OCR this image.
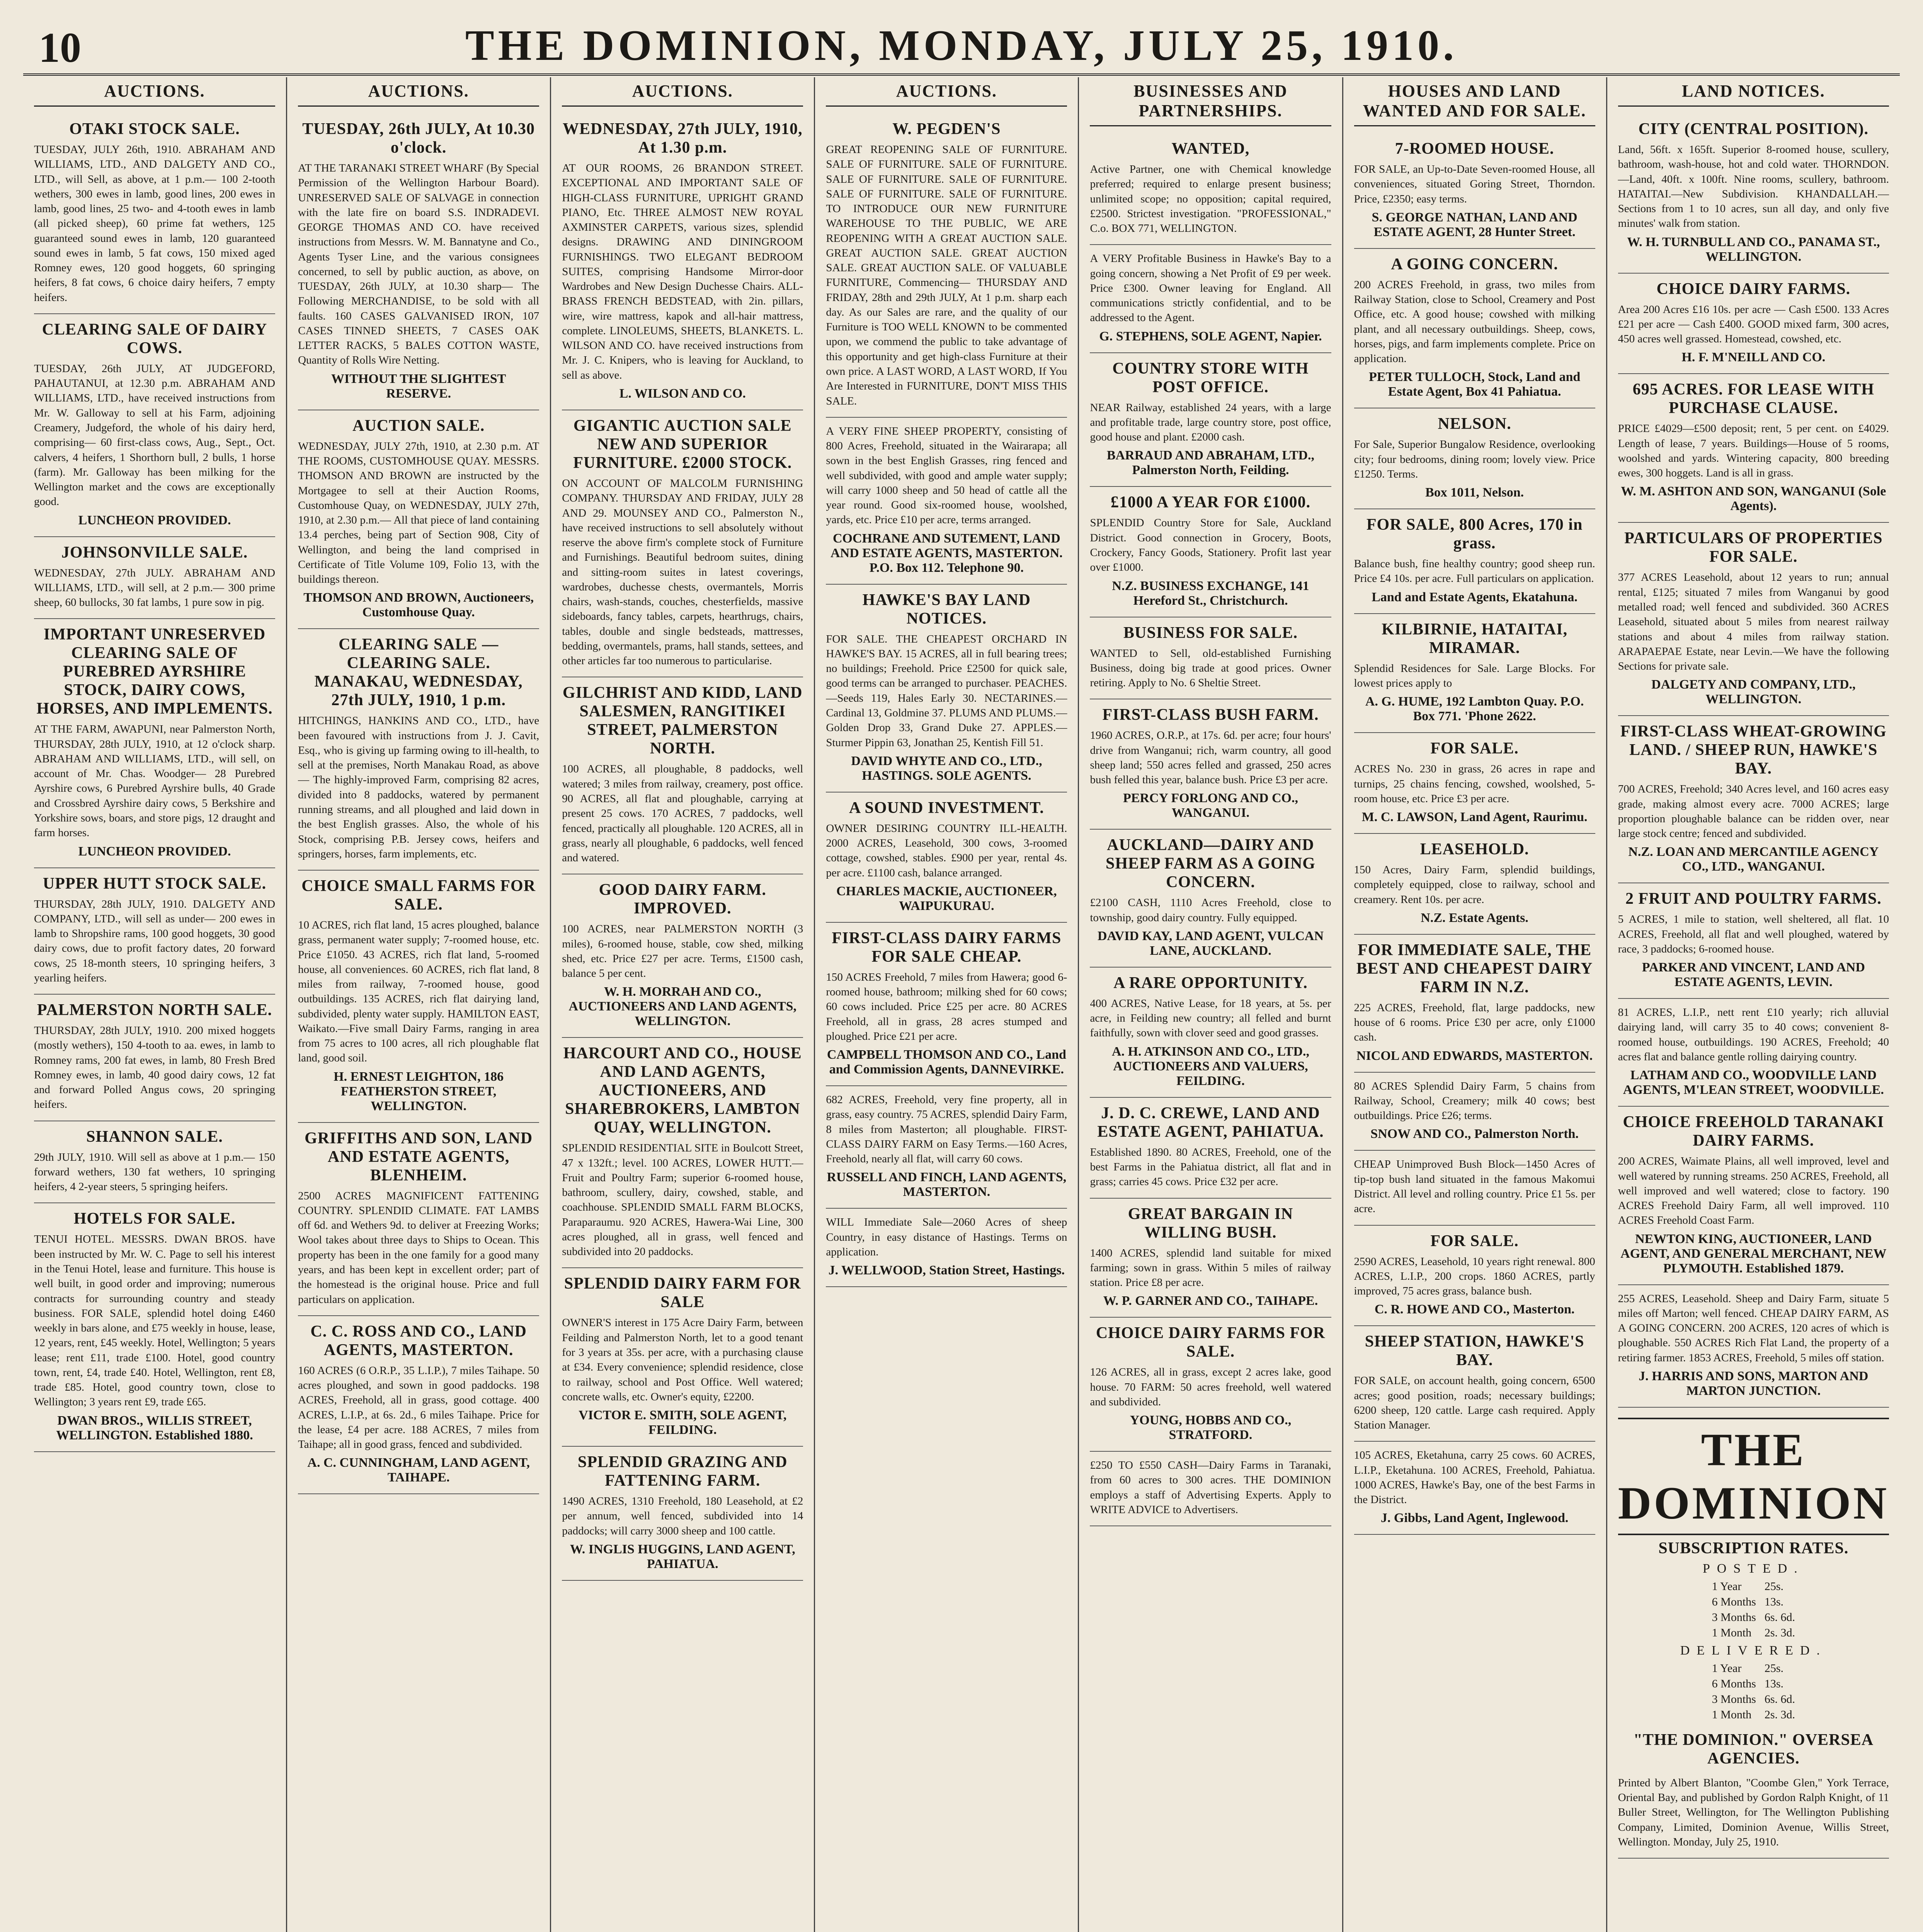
10	THE DOMINION, MONDAY, JULY 25, 1910.
AUCTIONS.
OTAKI STOCK SALE.

TUESDAY, JULY 26th, 1910. ABRAHAM AND WILLIAMS, LTD., AND DALGETY AND CO., LTD., will Sell, as above, at 1 p.m.— 100 2-tooth wethers, 300 ewes in lamb, good lines, 200 ewes in lamb, good lines, 25 two- and 4-tooth ewes in lamb (all picked sheep), 60 prime fat wethers, 125 guaranteed sound ewes in lamb, 120 guaranteed sound ewes in lamb, 5 fat cows, 150 mixed aged Romney ewes, 120 good hoggets, 60 springing heifers, 8 fat cows, 6 choice dairy heifers, 7 empty heifers.

CLEARING SALE OF DAIRY COWS.

TUESDAY, 26th JULY, AT JUDGEFORD, PAHAUTANUI, at 12.30 p.m. ABRAHAM AND WILLIAMS, LTD., have received instructions from Mr. W. Galloway to sell at his Farm, adjoining Creamery, Judgeford, the whole of his dairy herd, comprising— 60 first-class cows, Aug., Sept., Oct. calvers, 4 heifers, 1 Shorthorn bull, 2 bulls, 1 horse (farm). Mr. Galloway has been milking for the Wellington market and the cows are exceptionally good.

LUNCHEON PROVIDED.
JOHNSONVILLE SALE.

WEDNESDAY, 27th JULY. ABRAHAM AND WILLIAMS, LTD., will sell, at 2 p.m.— 300 prime sheep, 60 bullocks, 30 fat lambs, 1 pure sow in pig.

IMPORTANT UNRESERVED CLEARING SALE OF PUREBRED AYRSHIRE STOCK, DAIRY COWS, HORSES, AND IMPLEMENTS.

AT THE FARM, AWAPUNI, near Palmerston North, THURSDAY, 28th JULY, 1910, at 12 o'clock sharp. ABRAHAM AND WILLIAMS, LTD., will sell, on account of Mr. Chas. Woodger— 28 Purebred Ayrshire cows, 6 Purebred Ayrshire bulls, 40 Grade and Crossbred Ayrshire dairy cows, 5 Berkshire and Yorkshire sows, boars, and store pigs, 12 draught and farm horses.

LUNCHEON PROVIDED.
UPPER HUTT STOCK SALE.

THURSDAY, 28th JULY, 1910. DALGETY AND COMPANY, LTD., will sell as under— 200 ewes in lamb to Shropshire rams, 100 good hoggets, 30 good dairy cows, due to profit factory dates, 20 forward cows, 25 18-month steers, 10 springing heifers, 3 yearling heifers.

PALMERSTON NORTH SALE.

THURSDAY, 28th JULY, 1910. 200 mixed hoggets (mostly wethers), 150 4-tooth to aa. ewes, in lamb to Romney rams, 200 fat ewes, in lamb, 80 Fresh Bred Romney ewes, in lamb, 40 good dairy cows, 12 fat and forward Polled Angus cows, 20 springing heifers.

SHANNON SALE.

29th JULY, 1910. Will sell as above at 1 p.m.— 150 forward wethers, 130 fat wethers, 10 springing heifers, 4 2-year steers, 5 springing heifers.

HOTELS FOR SALE.

TENUI HOTEL. MESSRS. DWAN BROS. have been instructed by Mr. W. C. Page to sell his interest in the Tenui Hotel, lease and furniture. This house is well built, in good order and improving; numerous contracts for surrounding country and steady business. FOR SALE, splendid hotel doing £460 weekly in bars alone, and £75 weekly in house, lease, 12 years, rent, £45 weekly. Hotel, Wellington; 5 years lease; rent £11, trade £100. Hotel, good country town, rent, £4, trade £40. Hotel, Wellington, rent £8, trade £85. Hotel, good country town, close to Wellington; 3 years rent £9, trade £65.

DWAN BROS., WILLIS STREET, WELLINGTON. Established 1880.
AUCTIONS.
TUESDAY, 26th JULY, At 10.30 o'clock.

AT THE TARANAKI STREET WHARF (By Special Permission of the Wellington Harbour Board). UNRESERVED SALE OF SALVAGE in connection with the late fire on board S.S. INDRADEVI. GEORGE THOMAS AND CO. have received instructions from Messrs. W. M. Bannatyne and Co., Agents Tyser Line, and the various consignees concerned, to sell by public auction, as above, on TUESDAY, 26th JULY, at 10.30 sharp— The Following MERCHANDISE, to be sold with all faults. 160 CASES GALVANISED IRON, 107 CASES TINNED SHEETS, 7 CASES OAK LETTER RACKS, 5 BALES COTTON WASTE, Quantity of Rolls Wire Netting.

WITHOUT THE SLIGHTEST RESERVE.
AUCTION SALE.

WEDNESDAY, JULY 27th, 1910, at 2.30 p.m. AT THE ROOMS, CUSTOMHOUSE QUAY. MESSRS. THOMSON AND BROWN are instructed by the Mortgagee to sell at their Auction Rooms, Customhouse Quay, on WEDNESDAY, JULY 27th, 1910, at 2.30 p.m.— All that piece of land containing 13.4 perches, being part of Section 908, City of Wellington, and being the land comprised in Certificate of Title Volume 109, Folio 13, with the buildings thereon.

THOMSON AND BROWN, Auctioneers, Customhouse Quay.
CLEARING SALE — CLEARING SALE. MANAKAU, WEDNESDAY, 27th JULY, 1910, 1 p.m.

HITCHINGS, HANKINS AND CO., LTD., have been favoured with instructions from J. J. Cavit, Esq., who is giving up farming owing to ill-health, to sell at the premises, North Manakau Road, as above— The highly-improved Farm, comprising 82 acres, divided into 8 paddocks, watered by permanent running streams, and all ploughed and laid down in the best English grasses. Also, the whole of his Stock, comprising P.B. Jersey cows, heifers and springers, horses, farm implements, etc.

CHOICE SMALL FARMS FOR SALE.

10 ACRES, rich flat land, 15 acres ploughed, balance grass, permanent water supply; 7-roomed house, etc. Price £1050. 43 ACRES, rich flat land, 5-roomed house, all conveniences. 60 ACRES, rich flat land, 8 miles from railway, 7-roomed house, good outbuildings. 135 ACRES, rich flat dairying land, subdivided, plenty water supply. HAMILTON EAST, Waikato.—Five small Dairy Farms, ranging in area from 75 acres to 100 acres, all rich ploughable flat land, good soil.

H. ERNEST LEIGHTON, 186 FEATHERSTON STREET, WELLINGTON.
GRIFFITHS AND SON, LAND AND ESTATE AGENTS, BLENHEIM.

2500 ACRES MAGNIFICENT FATTENING COUNTRY. SPLENDID CLIMATE. FAT LAMBS off 6d. and Wethers 9d. to deliver at Freezing Works; Wool takes about three days to Ships to Ocean. This property has been in the one family for a good many years, and has been kept in excellent order; part of the homestead is the original house. Price and full particulars on application.

C. C. ROSS AND CO., LAND AGENTS, MASTERTON.

160 ACRES (6 O.R.P., 35 L.I.P.), 7 miles Taihape. 50 acres ploughed, and sown in good paddocks. 198 ACRES, Freehold, all in grass, good cottage. 400 ACRES, L.I.P., at 6s. 2d., 6 miles Taihape. Price for the lease, £4 per acre. 188 ACRES, 7 miles from Taihape; all in good grass, fenced and subdivided.

A. C. CUNNINGHAM, LAND AGENT, TAIHAPE.
AUCTIONS.
WEDNESDAY, 27th JULY, 1910, At 1.30 p.m.

AT OUR ROOMS, 26 BRANDON STREET. EXCEPTIONAL AND IMPORTANT SALE OF HIGH-CLASS FURNITURE, UPRIGHT GRAND PIANO, Etc. THREE ALMOST NEW ROYAL AXMINSTER CARPETS, various sizes, splendid designs. DRAWING AND DININGROOM FURNISHINGS. TWO ELEGANT BEDROOM SUITES, comprising Handsome Mirror-door Wardrobes and New Design Duchesse Chairs. ALL-BRASS FRENCH BEDSTEAD, with 2in. pillars, wire, wire mattress, kapok and all-hair mattress, complete. LINOLEUMS, SHEETS, BLANKETS. L. WILSON AND CO. have received instructions from Mr. J. C. Knipers, who is leaving for Auckland, to sell as above.

L. WILSON AND CO.
GIGANTIC AUCTION SALE NEW AND SUPERIOR FURNITURE. £2000 STOCK.

ON ACCOUNT OF MALCOLM FURNISHING COMPANY. THURSDAY AND FRIDAY, JULY 28 AND 29. MOUNSEY AND CO., Palmerston N., have received instructions to sell absolutely without reserve the above firm's complete stock of Furniture and Furnishings. Beautiful bedroom suites, dining and sitting-room suites in latest coverings, wardrobes, duchesse chests, overmantels, Morris chairs, wash-stands, couches, chesterfields, massive sideboards, fancy tables, carpets, hearthrugs, chairs, tables, double and single bedsteads, mattresses, bedding, overmantels, prams, hall stands, settees, and other articles far too numerous to particularise.

GILCHRIST AND KIDD, LAND SALESMEN, RANGITIKEI STREET, PALMERSTON NORTH.

100 ACRES, all ploughable, 8 paddocks, well watered; 3 miles from railway, creamery, post office. 90 ACRES, all flat and ploughable, carrying at present 25 cows. 170 ACRES, 7 paddocks, well fenced, practically all ploughable. 120 ACRES, all in grass, nearly all ploughable, 6 paddocks, well fenced and watered.

GOOD DAIRY FARM. IMPROVED.

100 ACRES, near PALMERSTON NORTH (3 miles), 6-roomed house, stable, cow shed, milking shed, etc. Price £27 per acre. Terms, £1500 cash, balance 5 per cent.

W. H. MORRAH AND CO., AUCTIONEERS AND LAND AGENTS, WELLINGTON.
HARCOURT AND CO., HOUSE AND LAND AGENTS, AUCTIONEERS, AND SHAREBROKERS, LAMBTON QUAY, WELLINGTON.

SPLENDID RESIDENTIAL SITE in Boulcott Street, 47 x 132ft.; level. 100 ACRES, LOWER HUTT.—Fruit and Poultry Farm; superior 6-roomed house, bathroom, scullery, dairy, cowshed, stable, and coachhouse. SPLENDID SMALL FARM BLOCKS, Paraparaumu. 920 ACRES, Hawera-Wai Line, 300 acres ploughed, all in grass, well fenced and subdivided into 20 paddocks.

SPLENDID DAIRY FARM FOR SALE

OWNER'S interest in 175 Acre Dairy Farm, between Feilding and Palmerston North, let to a good tenant for 3 years at 35s. per acre, with a purchasing clause at £34. Every convenience; splendid residence, close to railway, school and Post Office. Well watered; concrete walls, etc. Owner's equity, £2200.

VICTOR E. SMITH, SOLE AGENT, FEILDING.
SPLENDID GRAZING AND FATTENING FARM.

1490 ACRES, 1310 Freehold, 180 Leasehold, at £2 per annum, well fenced, subdivided into 14 paddocks; will carry 3000 sheep and 100 cattle.

W. INGLIS HUGGINS, LAND AGENT, PAHIATUA.
AUCTIONS.
W. PEGDEN'S

GREAT REOPENING SALE OF FURNITURE. SALE OF FURNITURE. SALE OF FURNITURE. SALE OF FURNITURE. SALE OF FURNITURE. SALE OF FURNITURE. SALE OF FURNITURE. TO INTRODUCE OUR NEW FURNITURE WAREHOUSE TO THE PUBLIC, WE ARE REOPENING WITH A GREAT AUCTION SALE. GREAT AUCTION SALE. GREAT AUCTION SALE. GREAT AUCTION SALE. OF VALUABLE FURNITURE, Commencing— THURSDAY AND FRIDAY, 28th and 29th JULY, At 1 p.m. sharp each day. As our Sales are rare, and the quality of our Furniture is TOO WELL KNOWN to be commented upon, we commend the public to take advantage of this opportunity and get high-class Furniture at their own price. A LAST WORD, A LAST WORD, If You Are Interested in FURNITURE, DON'T MISS THIS SALE.

A VERY FINE SHEEP PROPERTY, consisting of 800 Acres, Freehold, situated in the Wairarapa; all sown in the best English Grasses, ring fenced and well subdivided, with good and ample water supply; will carry 1000 sheep and 50 head of cattle all the year round. Good six-roomed house, woolshed, yards, etc. Price £10 per acre, terms arranged.

COCHRANE AND SUTEMENT, LAND AND ESTATE AGENTS, MASTERTON. P.O. Box 112. Telephone 90.
HAWKE'S BAY LAND NOTICES.

FOR SALE. THE CHEAPEST ORCHARD IN HAWKE'S BAY. 15 ACRES, all in full bearing trees; no buildings; Freehold. Price £2500 for quick sale, good terms can be arranged to purchaser. PEACHES.—Seeds 119, Hales Early 30. NECTARINES.—Cardinal 13, Goldmine 37. PLUMS AND PLUMS.—Golden Drop 33, Grand Duke 27. APPLES.—Sturmer Pippin 63, Jonathan 25, Kentish Fill 51.

DAVID WHYTE AND CO., LTD., HASTINGS. SOLE AGENTS.
A SOUND INVESTMENT.

OWNER DESIRING COUNTRY ILL-HEALTH. 2000 ACRES, Leasehold, 300 cows, 3-roomed cottage, cowshed, stables. £900 per year, rental 4s. per acre. £1100 cash, balance arranged.

CHARLES MACKIE, AUCTIONEER, WAIPUKURAU.
FIRST-CLASS DAIRY FARMS FOR SALE CHEAP.

150 ACRES Freehold, 7 miles from Hawera; good 6-roomed house, bathroom; milking shed for 60 cows; 60 cows included. Price £25 per acre. 80 ACRES Freehold, all in grass, 28 acres stumped and ploughed. Price £21 per acre.

CAMPBELL THOMSON AND CO., Land and Commission Agents, DANNEVIRKE.

682 ACRES, Freehold, very fine property, all in grass, easy country. 75 ACRES, splendid Dairy Farm, 8 miles from Masterton; all ploughable. FIRST-CLASS DAIRY FARM on Easy Terms.—160 Acres, Freehold, nearly all flat, will carry 60 cows.

RUSSELL AND FINCH, LAND AGENTS, MASTERTON.

WILL Immediate Sale—2060 Acres of sheep Country, in easy distance of Hastings. Terms on application.

J. WELLWOOD, Station Street, Hastings.
BUSINESSES AND PARTNERSHIPS.
WANTED,

Active Partner, one with Chemical knowledge preferred; required to enlarge present business; unlimited scope; no opposition; capital required, £2500. Strictest investigation. "PROFESSIONAL," C.o. BOX 771, WELLINGTON.

A VERY Profitable Business in Hawke's Bay to a going concern, showing a Net Profit of £9 per week. Price £300. Owner leaving for England. All communications strictly confidential, and to be addressed to the Agent.

G. STEPHENS, SOLE AGENT, Napier.
COUNTRY STORE WITH POST OFFICE.

NEAR Railway, established 24 years, with a large and profitable trade, large country store, post office, good house and plant. £2000 cash.

BARRAUD AND ABRAHAM, LTD., Palmerston North, Feilding.
£1000 A YEAR FOR £1000.

SPLENDID Country Store for Sale, Auckland District. Good connection in Grocery, Boots, Crockery, Fancy Goods, Stationery. Profit last year over £1000.

N.Z. BUSINESS EXCHANGE, 141 Hereford St., Christchurch.
BUSINESS FOR SALE.

WANTED to Sell, old-established Furnishing Business, doing big trade at good prices. Owner retiring. Apply to No. 6 Sheltie Street.

FIRST-CLASS BUSH FARM.

1960 ACRES, O.R.P., at 17s. 6d. per acre; four hours' drive from Wanganui; rich, warm country, all good sheep land; 550 acres felled and grassed, 250 acres bush felled this year, balance bush. Price £3 per acre.

PERCY FORLONG AND CO., WANGANUI.
AUCKLAND—DAIRY AND SHEEP FARM AS A GOING CONCERN.

£2100 CASH, 1110 Acres Freehold, close to township, good dairy country. Fully equipped.

DAVID KAY, LAND AGENT, VULCAN LANE, AUCKLAND.
A RARE OPPORTUNITY.

400 ACRES, Native Lease, for 18 years, at 5s. per acre, in Feilding new country; all felled and burnt faithfully, sown with clover seed and good grasses.

A. H. ATKINSON AND CO., LTD., AUCTIONEERS AND VALUERS, FEILDING.
J. D. C. CREWE, LAND AND ESTATE AGENT, PAHIATUA.

Established 1890. 80 ACRES, Freehold, one of the best Farms in the Pahiatua district, all flat and in grass; carries 45 cows. Price £32 per acre.

GREAT BARGAIN IN WILLING BUSH.

1400 ACRES, splendid land suitable for mixed farming; sown in grass. Within 5 miles of railway station. Price £8 per acre.

W. P. GARNER AND CO., TAIHAPE.
CHOICE DAIRY FARMS FOR SALE.

126 ACRES, all in grass, except 2 acres lake, good house. 70 FARM: 50 acres freehold, well watered and subdivided.

YOUNG, HOBBS AND CO., STRATFORD.

£250 TO £550 CASH—Dairy Farms in Taranaki, from 60 acres to 300 acres. THE DOMINION employs a staff of Advertising Experts. Apply to WRITE ADVICE to Advertisers.

HOUSES AND LAND WANTED AND FOR SALE.
7-ROOMED HOUSE.

FOR SALE, an Up-to-Date Seven-roomed House, all conveniences, situated Goring Street, Thorndon. Price, £2350; easy terms.

S. GEORGE NATHAN, LAND AND ESTATE AGENT, 28 Hunter Street.
A GOING CONCERN.

200 ACRES Freehold, in grass, two miles from Railway Station, close to School, Creamery and Post Office, etc. A good house; cowshed with milking plant, and all necessary outbuildings. Sheep, cows, horses, pigs, and farm implements complete. Price on application.

PETER TULLOCH, Stock, Land and Estate Agent, Box 41 Pahiatua.
NELSON.

For Sale, Superior Bungalow Residence, overlooking city; four bedrooms, dining room; lovely view. Price £1250. Terms.

Box 1011, Nelson.
FOR SALE, 800 Acres, 170 in grass.

Balance bush, fine healthy country; good sheep run. Price £4 10s. per acre. Full particulars on application.

Land and Estate Agents, Ekatahuna.
KILBIRNIE, HATAITAI, MIRAMAR.

Splendid Residences for Sale. Large Blocks. For lowest prices apply to

A. G. HUME, 192 Lambton Quay. P.O. Box 771. 'Phone 2622.
FOR SALE.

ACRES No. 230 in grass, 26 acres in rape and turnips, 25 chains fencing, cowshed, woolshed, 5-room house, etc. Price £3 per acre.

M. C. LAWSON, Land Agent, Raurimu.
LEASEHOLD.

150 Acres, Dairy Farm, splendid buildings, completely equipped, close to railway, school and creamery. Rent 10s. per acre.

N.Z. Estate Agents.
FOR IMMEDIATE SALE, THE BEST AND CHEAPEST DAIRY FARM IN N.Z.

225 ACRES, Freehold, flat, large paddocks, new house of 6 rooms. Price £30 per acre, only £1000 cash.

NICOL AND EDWARDS, MASTERTON.

80 ACRES Splendid Dairy Farm, 5 chains from Railway, School, Creamery; milk 40 cows; best outbuildings. Price £26; terms.

SNOW AND CO., Palmerston North.

CHEAP Unimproved Bush Block—1450 Acres of tip-top bush land situated in the famous Makomui District. All level and rolling country. Price £1 5s. per acre.

FOR SALE.

2590 ACRES, Leasehold, 10 years right renewal. 800 ACRES, L.I.P., 200 crops. 1860 ACRES, partly improved, 75 acres grass, balance bush.

C. R. HOWE AND CO., Masterton.
SHEEP STATION, HAWKE'S BAY.

FOR SALE, on account health, going concern, 6500 acres; good position, roads; necessary buildings; 6200 sheep, 120 cattle. Large cash required. Apply Station Manager.

105 ACRES, Eketahuna, carry 25 cows. 60 ACRES, L.I.P., Eketahuna. 100 ACRES, Freehold, Pahiatua. 1000 ACRES, Hawke's Bay, one of the best Farms in the District.

J. Gibbs, Land Agent, Inglewood.
LAND NOTICES.
CITY (CENTRAL POSITION).

Land, 56ft. x 165ft. Superior 8-roomed house, scullery, bathroom, wash-house, hot and cold water. THORNDON.—Land, 40ft. x 100ft. Nine rooms, scullery, bathroom. HATAITAI.—New Subdivision. KHANDALLAH.—Sections from 1 to 10 acres, sun all day, and only five minutes' walk from station.

W. H. TURNBULL AND CO., PANAMA ST., WELLINGTON.
CHOICE DAIRY FARMS.

Area 200 Acres £16 10s. per acre — Cash £500. 133 Acres £21 per acre — Cash £400. GOOD mixed farm, 300 acres, 450 acres well grassed. Homestead, cowshed, etc.

H. F. M'NEILL AND CO.
695 ACRES. FOR LEASE WITH PURCHASE CLAUSE.

PRICE £4029—£500 deposit; rent, 5 per cent. on £4029. Length of lease, 7 years. Buildings—House of 5 rooms, woolshed and yards. Wintering capacity, 800 breeding ewes, 300 hoggets. Land is all in grass.

W. M. ASHTON AND SON, WANGANUI (Sole Agents).
PARTICULARS OF PROPERTIES FOR SALE.

377 ACRES Leasehold, about 12 years to run; annual rental, £125; situated 7 miles from Wanganui by good metalled road; well fenced and subdivided. 360 ACRES Leasehold, situated about 5 miles from nearest railway stations and about 4 miles from railway station. ARAPAEPAE Estate, near Levin.—We have the following Sections for private sale.

DALGETY AND COMPANY, LTD., WELLINGTON.
FIRST-CLASS WHEAT-GROWING LAND. / SHEEP RUN, HAWKE'S BAY.

700 ACRES, Freehold; 340 Acres level, and 160 acres easy grade, making almost every acre. 7000 ACRES; large proportion ploughable balance can be ridden over, near large stock centre; fenced and subdivided.

N.Z. LOAN AND MERCANTILE AGENCY CO., LTD., WANGANUI.
2 FRUIT AND POULTRY FARMS.

5 ACRES, 1 mile to station, well sheltered, all flat. 10 ACRES, Freehold, all flat and well ploughed, watered by race, 3 paddocks; 6-roomed house.

PARKER AND VINCENT, LAND AND ESTATE AGENTS, LEVIN.

81 ACRES, L.I.P., nett rent £10 yearly; rich alluvial dairying land, will carry 35 to 40 cows; convenient 8-roomed house, outbuildings. 190 ACRES, Freehold; 40 acres flat and balance gentle rolling dairying country.

LATHAM AND CO., WOODVILLE LAND AGENTS, M'LEAN STREET, WOODVILLE.
CHOICE FREEHOLD TARANAKI DAIRY FARMS.

200 ACRES, Waimate Plains, all well improved, level and well watered by running streams. 250 ACRES, Freehold, all well improved and well watered; close to factory. 190 ACRES Freehold Dairy Farm, all well improved. 110 ACRES Freehold Coast Farm.

NEWTON KING, AUCTIONEER, LAND AGENT, AND GENERAL MERCHANT, NEW PLYMOUTH. Established 1879.

255 ACRES, Leasehold. Sheep and Dairy Farm, situate 5 miles off Marton; well fenced. CHEAP DAIRY FARM, AS A GOING CONCERN. 200 ACRES, 120 acres of which is ploughable. 550 ACRES Rich Flat Land, the property of a retiring farmer. 1853 ACRES, Freehold, 5 miles off station.

J. HARRIS AND SONS, MARTON AND MARTON JUNCTION.
THE DOMINION
SUBSCRIPTION RATES.
POSTED.
1 Year	25s.
6 Months	13s.
3 Months	6s. 6d.
1 Month	2s. 3d.
DELIVERED.
1 Year	25s.
6 Months	13s.
3 Months	6s. 6d.
1 Month	2s. 3d.
"THE DOMINION." OVERSEA AGENCIES.

Printed by Albert Blanton, "Coombe Glen," York Terrace, Oriental Bay, and published by Gordon Ralph Knight, of 11 Buller Street, Wellington, for The Wellington Publishing Company, Limited, Dominion Avenue, Willis Street, Wellington. Monday, July 25, 1910.
